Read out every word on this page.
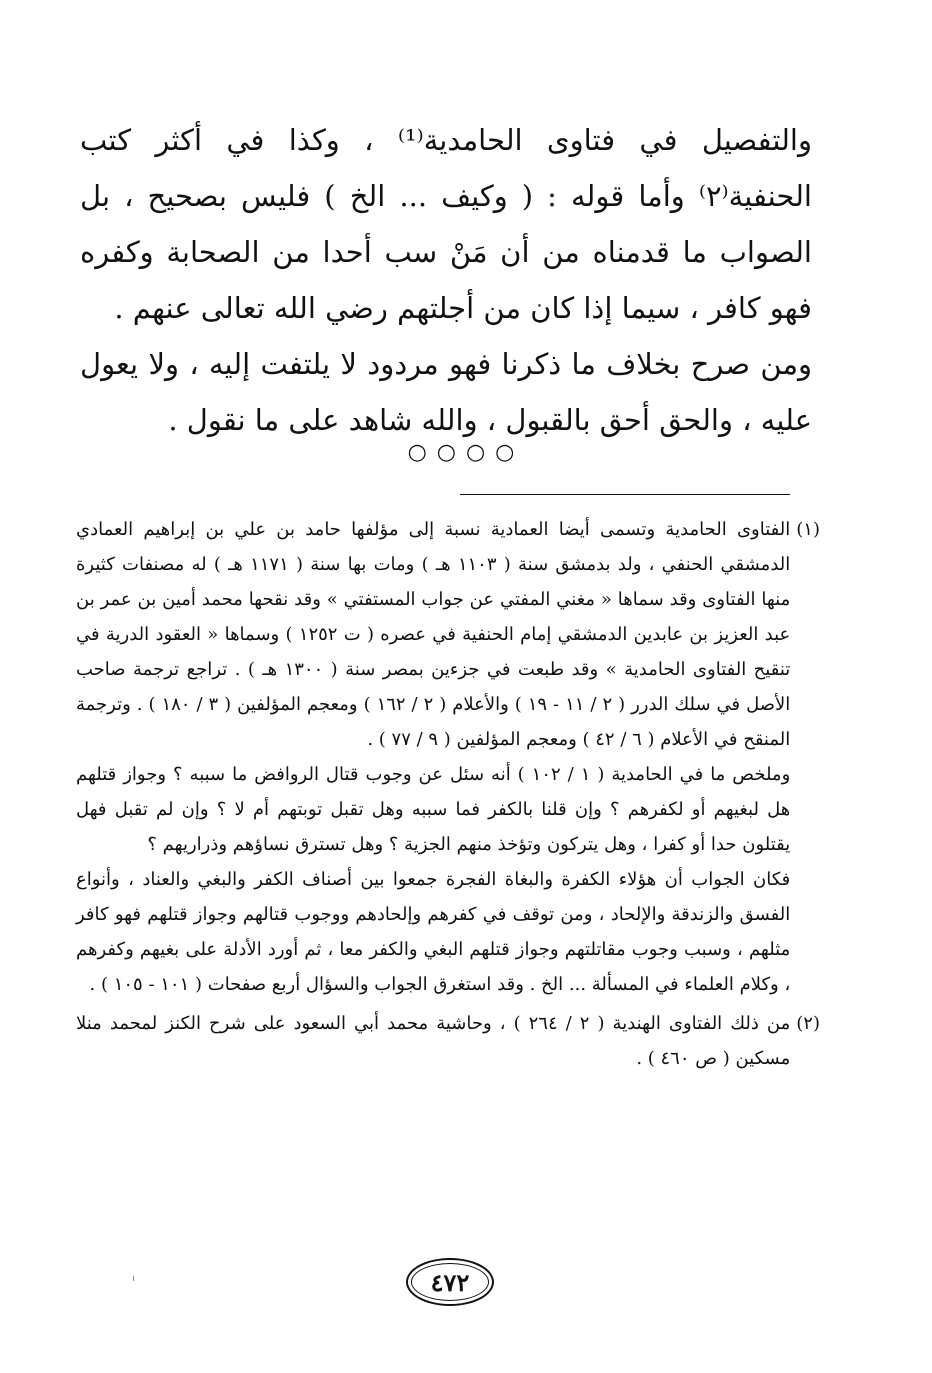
والتفصيل في فتاوى الحامدية⁽¹⁾ ، وكذا في أكثر كتب الحنفية⁽٢⁾ وأما قوله : ( وكيف ... الخ ) فليس بصحيح ، بل الصواب ما قدمناه من أن مَنْ سب أحدا من الصحابة وكفره فهو كافر ، سيما إذا كان من أجلتهم رضي الله تعالى عنهم .

ومن صرح بخلاف ما ذكرنا فهو مردود لا يلتفت إليه ، ولا يعول عليه ، والحق أحق بالقبول ، والله شاهد على ما نقول .

○○○○
(١)

الفتاوى الحامدية وتسمى أيضا العمادية نسبة إلى مؤلفها حامد بن علي بن إبراهيم العمادي الدمشقي الحنفي ، ولد بدمشق سنة ( ١١٠٣ هـ ) ومات بها سنة ( ١١٧١ هـ ) له مصنفات كثيرة منها الفتاوى وقد سماها « مغني المفتي عن جواب المستفتي » وقد نقحها محمد أمين بن عمر بن عبد العزيز بن عابدين الدمشقي إمام الحنفية في عصره ( ت ١٢٥٢ ) وسماها « العقود الدرية في تنقيح الفتاوى الحامدية » وقد طبعت في جزءين بمصر سنة ( ١٣٠٠ هـ ) . تراجع ترجمة صاحب الأصل في سلك الدرر ( ٢ / ١١ - ١٩ ) والأعلام ( ٢ / ١٦٢ ) ومعجم المؤلفين ( ٣ / ١٨٠ ) . وترجمة المنقح في الأعلام ( ٦ / ٤٢ ) ومعجم المؤلفين ( ٩ / ٧٧ ) .

وملخص ما في الحامدية ( ١ / ١٠٢ ) أنه سئل عن وجوب قتال الروافض ما سببه ؟ وجواز قتلهم هل لبغيهم أو لكفرهم ؟ وإن قلنا بالكفر فما سببه وهل تقبل توبتهم أم لا ؟ وإن لم تقبل فهل يقتلون حدا أو كفرا ، وهل يتركون وتؤخذ منهم الجزية ؟ وهل تسترق نساؤهم وذراريهم ؟

فكان الجواب أن هؤلاء الكفرة والبغاة الفجرة جمعوا بين أصناف الكفر والبغي والعناد ، وأنواع الفسق والزندقة والإلحاد ، ومن توقف في كفرهم وإلحادهم ووجوب قتالهم وجواز قتلهم فهو كافر مثلهم ، وسبب وجوب مقاتلتهم وجواز قتلهم البغي والكفر معا ، ثم أورد الأدلة على بغيهم وكفرهم ، وكلام العلماء في المسألة ... الخ . وقد استغرق الجواب والسؤال أربع صفحات ( ١٠١ - ١٠٥ ) .

(٢)

من ذلك الفتاوى الهندية ( ٢ / ٢٦٤ ) ، وحاشية محمد أبي السعود على شرح الكنز لمحمد منلا مسكين ( ص ٤٦٠ ) .

٤٧٢
